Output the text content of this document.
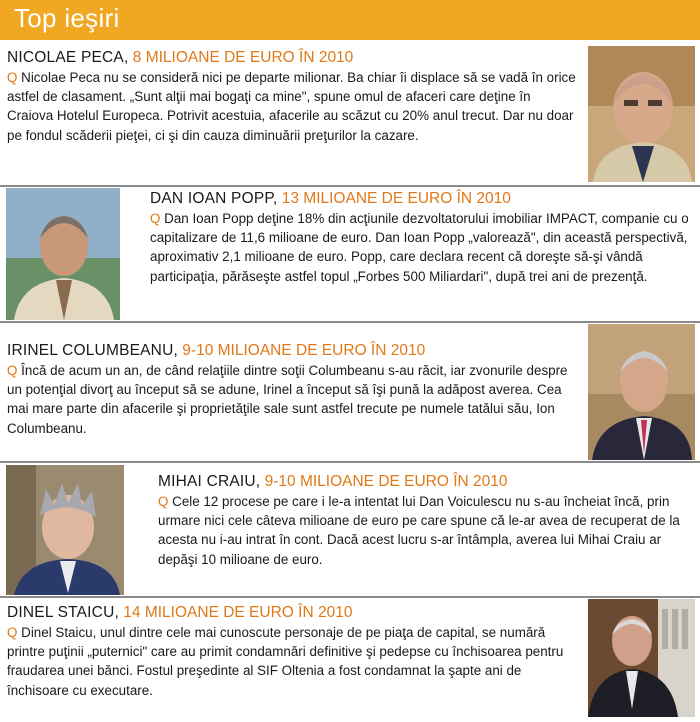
Top ieşiri
NICOLAE PECA, 8 MILIOANE DE EURO ÎN 2010
Q Nicolae Peca nu se consideră nici pe departe milionar. Ba chiar îi displace să se vadă în orice astfel de clasament. „Sunt alţii mai bogaţi ca mine", spune omul de afaceri care deţine în Craiova Hotelul Europeca. Potrivit acestuia, afacerile au scăzut cu 20% anul trecut. Dar nu doar pe fondul scăderii pieţei, ci şi din cauza diminuării preţurilor la cazare.
DAN IOAN POPP, 13 MILIOANE DE EURO ÎN 2010
Q Dan Ioan Popp deţine 18% din acţiunile dezvoltatorului imobiliar IMPACT, companie cu o capitalizare de 11,6 milioane de euro. Dan Ioan Popp „valorează", din această perspectivă, aproximativ 2,1 milioane de euro. Popp, care declara recent că doreşte să-şi vândă participaţia, părăseşte astfel topul „Forbes 500 Miliardari", după trei ani de prezenţă.
IRINEL COLUMBEANU, 9-10 MILIOANE DE EURO ÎN 2010
Q Încă de acum un an, de când relaţiile dintre soţii Columbeanu s-au răcit, iar zvonurile despre un potenţial divorţ au început să se adune, Irinel a început să îşi pună la adăpost averea. Cea mai mare parte din afacerile şi proprietăţile sale sunt astfel trecute pe numele tatălui său, Ion Columbeanu.
MIHAI CRAIU, 9-10 MILIOANE DE EURO ÎN 2010
Q Cele 12 procese pe care i le-a intentat lui Dan Voiculescu nu s-au încheiat încă, prin urmare nici cele câteva milioane de euro pe care spune că le-ar avea de recuperat de la acesta nu i-au intrat în cont. Dacă acest lucru s-ar întâmpla, averea lui Mihai Craiu ar depăşi 10 milioane de euro.
DINEL STAICU, 14 MILIOANE DE EURO ÎN 2010
Q Dinel Staicu, unul dintre cele mai cunoscute personaje de pe piaţa de capital, se numără printre puţinii „puternici" care au primit condamnări definitive şi pedepse cu închisoarea pentru fraudarea unei bănci. Fostul preşedinte al SIF Oltenia a fost condamnat la şapte ani de închisoare cu executare.
